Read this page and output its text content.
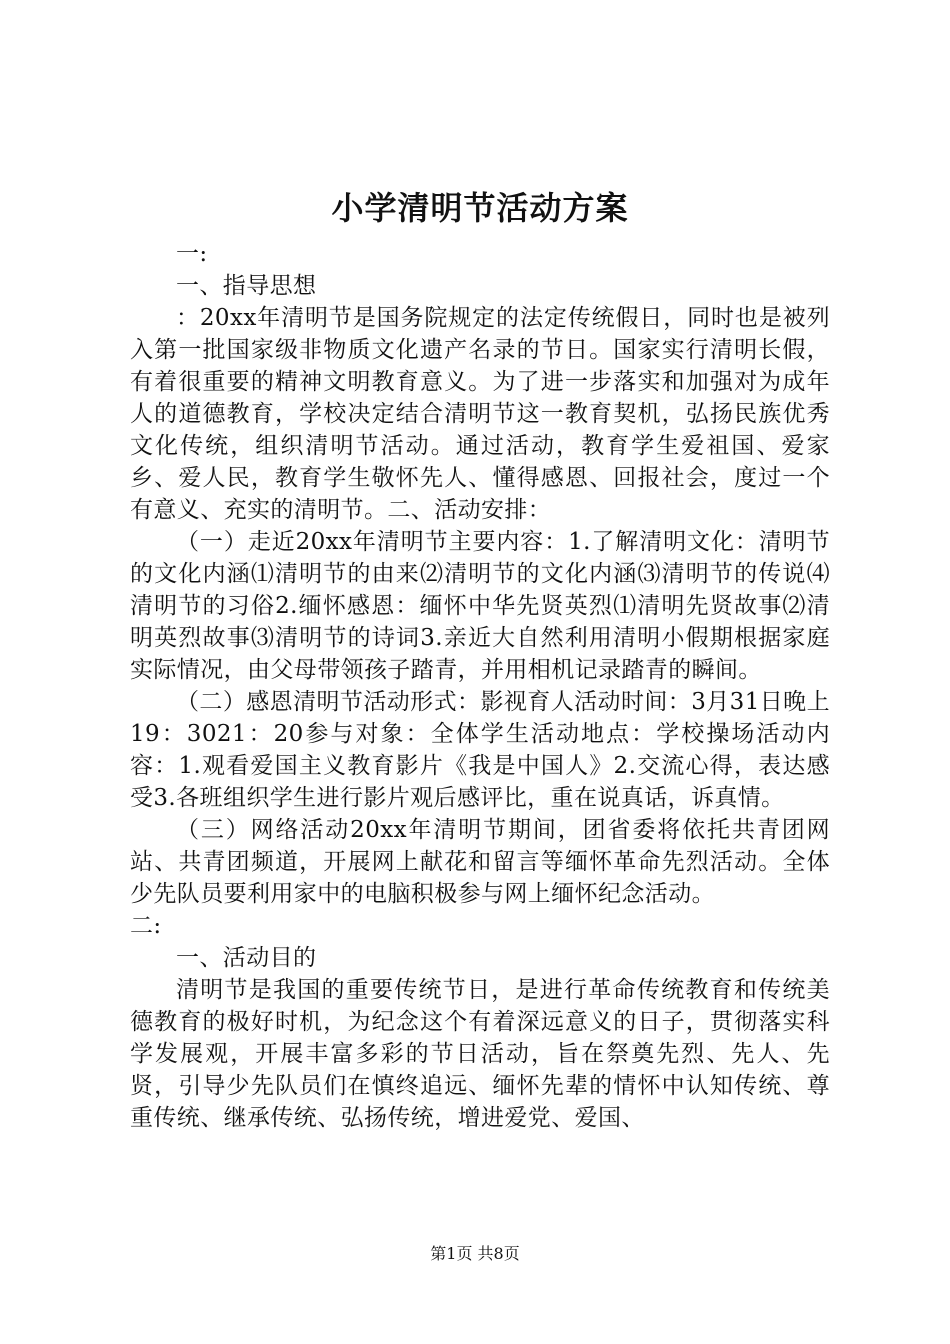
小学清明节活动方案

一:

一、指导思想

：20xx年清明节是国务院规定的法定传统假日，同时也是被列入第一批国家级非物质文化遗产名录的节日。国家实行清明长假，有着很重要的精神文明教育意义。为了进一步落实和加强对为成年人的道德教育，学校决定结合清明节这一教育契机，弘扬民族优秀文化传统，组织清明节活动。通过活动，教育学生爱祖国、爱家乡、爱人民，教育学生敬怀先人、懂得感恩、回报社会，度过一个有意义、充实的清明节。二、活动安排：

（一）走近20xx年清明节主要内容：1.了解清明文化：清明节的文化内涵⑴清明节的由来⑵清明节的文化内涵⑶清明节的传说⑷清明节的习俗2.缅怀感恩：缅怀中华先贤英烈⑴清明先贤故事⑵清明英烈故事⑶清明节的诗词3.亲近大自然利用清明小假期根据家庭实际情况，由父母带领孩子踏青，并用相机记录踏青的瞬间。

（二）感恩清明节活动形式：影视育人活动时间：3月31日晚上19：3021：20参与对象：全体学生活动地点：学校操场活动内容：1.观看爱国主义教育影片《我是中国人》2.交流心得，表达感受3.各班组织学生进行影片观后感评比，重在说真话，诉真情。

（三）网络活动20xx年清明节期间，团省委将依托共青团网站、共青团频道，开展网上献花和留言等缅怀革命先烈活动。全体少先队员要利用家中的电脑积极参与网上缅怀纪念活动。

二:

一、活动目的

清明节是我国的重要传统节日，是进行革命传统教育和传统美德教育的极好时机，为纪念这个有着深远意义的日子，贯彻落实科学发展观，开展丰富多彩的节日活动，旨在祭奠先烈、先人、先贤，引导少先队员们在慎终追远、缅怀先辈的情怀中认知传统、尊重传统、继承传统、弘扬传统，增进爱党、爱国、

第1页 共8页
